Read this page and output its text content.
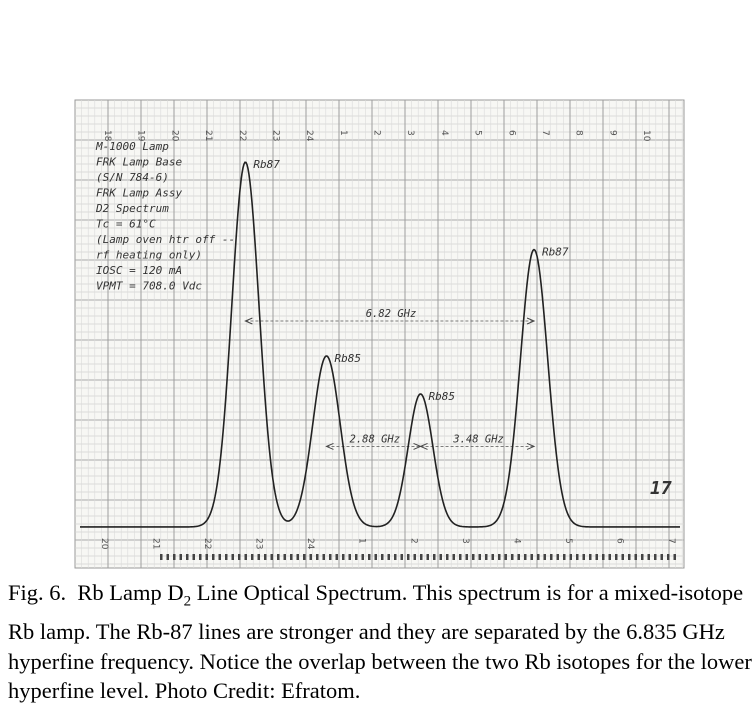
18	19	20	21	22	23	24	1	2	3	4	5	6	7	8	9	10
20	21	22	23	24	1	2	3	4	5	6	7
M-1000 Lamp
FRK Lamp Base
(S/N 784-6)
FRK Lamp Assy
D2 Spectrum
Tc = 61°C
(Lamp oven htr off --
rf heating only)
IOSC = 120 mA
VPMT = 708.0 Vdc
6.82 GHz
2.88 GHz	3.48 GHz
Rb87
Rb85
Rb85
Rb87
17

Fig. 6. Rb Lamp $D_2$ Line Optical Spectrum. This spectrum is for a mixed-isotope Rb lamp. The Rb-87 lines are stronger and they are separated by the 6.835 GHz hyperfine frequency. Notice the overlap between the two Rb isotopes for the lower hyperfine level. Photo Credit: Efratom.
